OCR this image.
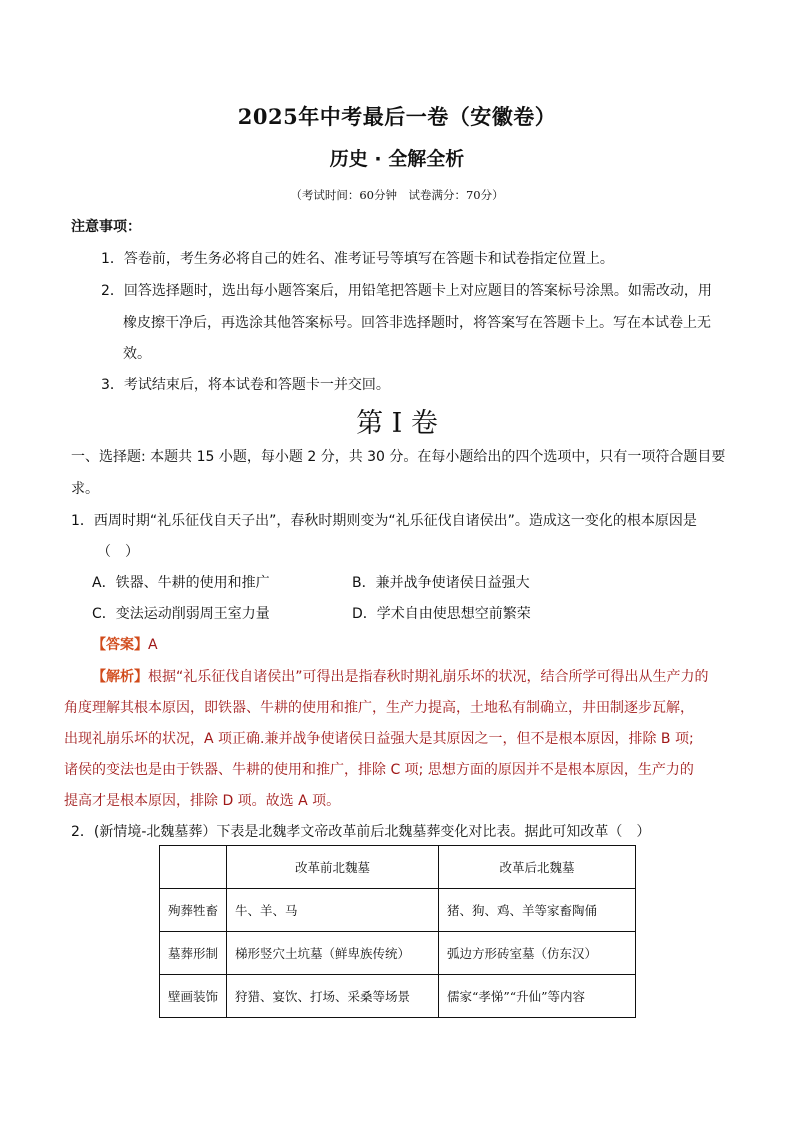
2025年中考最后一卷（安徽卷）
历史 · 全解全析
（考试时间：60分钟　试卷满分：70分）
注意事项：
1．答卷前，考生务必将自己的姓名、准考证号等填写在答题卡和试卷指定位置上。
2．回答选择题时，选出每小题答案后，用铅笔把答题卡上对应题目的答案标号涂黑。如需改动，用
橡皮擦干净后，再选涂其他答案标号。回答非选择题时，将答案写在答题卡上。写在本试卷上无
效。
3．考试结束后，将本试卷和答题卡一并交回。
第 I 卷
一、选择题: 本题共 15 小题，每小题 2 分，共 30 分。在每小题给出的四个选项中，只有一项符合题目要
求。
1．西周时期“礼乐征伐自天子出”，春秋时期则变为“礼乐征伐自诸侯出”。造成这一变化的根本原因是
（　）
A．铁器、牛耕的使用和推广	B．兼并战争使诸侯日益强大
C．变法运动削弱周王室力量	D．学术自由使思想空前繁荣
【答案】A
【解析】根据“礼乐征伐自诸侯出”可得出是指春秋时期礼崩乐坏的状况，结合所学可得出从生产力的
角度理解其根本原因，即铁器、牛耕的使用和推广，生产力提高，土地私有制确立，井田制逐步瓦解，
出现礼崩乐坏的状况，A 项正确.兼并战争使诸侯日益强大是其原因之一，但不是根本原因，排除 B 项;
诸侯的变法也是由于铁器、牛耕的使用和推广，排除 C 项; 思想方面的原因并不是根本原因，生产力的
提高才是根本原因，排除 D 项。故选 A 项。
2．(新情境-北魏墓葬）下表是北魏孝文帝改革前后北魏墓葬变化对比表。据此可知改革（　）
	改革前北魏墓	改革后北魏墓
殉葬牲畜	牛、羊、马	猪、狗、鸡、羊等家畜陶俑
墓葬形制	梯形竖穴土坑墓（鲜卑族传统）	弧边方形砖室墓（仿东汉）
壁画装饰	狩猎、宴饮、打场、采桑等场景	儒家“孝悌”“升仙”等内容
